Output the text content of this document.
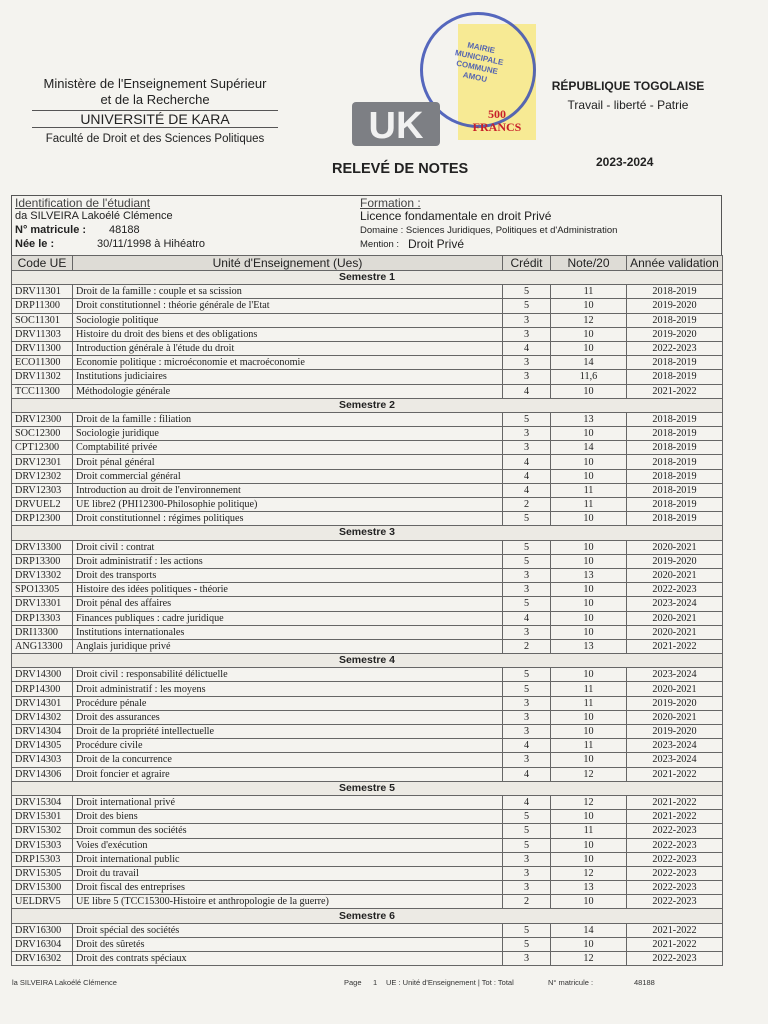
Ministère de l'Enseignement Supérieur
et de la Recherche
UNIVERSITÉ DE KARA
Faculté de Droit et des Sciences Politiques
MAIRIE MUNICIPALE COMMUNE AMOU
500
FRANCS
UK
RÉPUBLIQUE TOGOLAISE
Travail - liberté - Patrie
RELEVÉ DE NOTES	2023-2024
Identification de l'étudiant
da SILVEIRA Lakoélé Clémence
N° matricule : 48188
Née le :	30/11/1998 à Hihéatro
Formation :
Licence fondamentale en droit Privé
Domaine : Sciences Juridiques, Politiques et d'Administration
Mention : Droit Privé
Code UE	Unité d'Enseignement (Ues)	Crédit	Note/20	Année validation
Semestre 1				
DRV11301	Droit de la famille : couple et sa scission	5	11	2018-2019
DRP11300	Droit constitutionnel : théorie générale de l'Etat	5	10	2019-2020
SOC11301	Sociologie politique	3	12	2018-2019
DRV11303	Histoire du droit des biens et des obligations	3	10	2019-2020
DRV11300	Introduction générale à l'étude du droit	4	10	2022-2023
ECO11300	Economie politique : microéconomie et macroéconomie	3	14	2018-2019
DRV11302	Institutions judiciaires	3	11,6	2018-2019
TCC11300	Méthodologie générale	4	10	2021-2022
Semestre 2				
DRV12300	Droit de la famille : filiation	5	13	2018-2019
SOC12300	Sociologie juridique	3	10	2018-2019
CPT12300	Comptabilité privée	3	14	2018-2019
DRV12301	Droit pénal général	4	10	2018-2019
DRV12302	Droit commercial général	4	10	2018-2019
DRV12303	Introduction au droit de l'environnement	4	11	2018-2019
DRVUEL2	UE libre2 (PHI12300-Philosophie politique)	2	11	2018-2019
DRP12300	Droit constitutionnel : régimes politiques	5	10	2018-2019
Semestre 3				
DRV13300	Droit civil : contrat	5	10	2020-2021
DRP13300	Droit administratif : les actions	5	10	2019-2020
DRV13302	Droit des transports	3	13	2020-2021
SPO13305	Histoire des idées politiques - théorie	3	10	2022-2023
DRV13301	Droit pénal des affaires	5	10	2023-2024
DRP13303	Finances publiques : cadre juridique	4	10	2020-2021
DRI13300	Institutions internationales	3	10	2020-2021
ANG13300	Anglais juridique privé	2	13	2021-2022
Semestre 4				
DRV14300	Droit civil : responsabilité délictuelle	5	10	2023-2024
DRP14300	Droit administratif : les moyens	5	11	2020-2021
DRV14301	Procédure pénale	3	11	2019-2020
DRV14302	Droit des assurances	3	10	2020-2021
DRV14304	Droit de la propriété intellectuelle	3	10	2019-2020
DRV14305	Procédure civile	4	11	2023-2024
DRV14303	Droit de la concurrence	3	10	2023-2024
DRV14306	Droit foncier et agraire	4	12	2021-2022
Semestre 5				
DRV15304	Droit international privé	4	12	2021-2022
DRV15301	Droit des biens	5	10	2021-2022
DRV15302	Droit commun des sociétés	5	11	2022-2023
DRV15303	Voies d'exécution	5	10	2022-2023
DRP15303	Droit international public	3	10	2022-2023
DRV15305	Droit du travail	3	12	2022-2023
DRV15300	Droit fiscal des entreprises	3	13	2022-2023
UELDRV5	UE libre 5 (TCC15300-Histoire et anthropologie de la guerre)	2	10	2022-2023
Semestre 6				
DRV16300	Droit spécial des sociétés	5	14	2021-2022
DRV16304	Droit des sûretés	5	10	2021-2022
DRV16302	Droit des contrats spéciaux	3	12	2022-2023
la SILVEIRA Lakoélé Clémence	Page 1 UE : Unité d'Enseignement | Tot : Total	N° matricule :	48188
